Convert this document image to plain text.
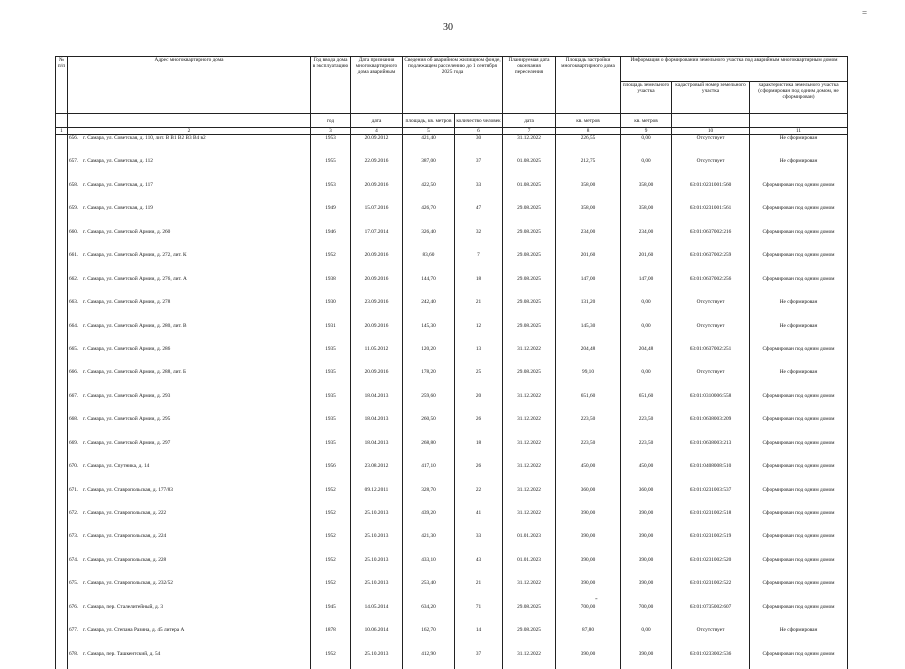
30
=
-
№ п/п	Адрес многоквартирного дома	Год ввода дома в эксплуатацию	Дата признания многоквартирного дома аварийным	Сведения об аварийном жилищном фонде, подлежащем расселению до 1 сентября 2025 года		Планируемая дата окончания переселения	Площадь застройки многоквартирного дома	Информация о формировании земельного участка под аварийным многоквартирным домом		
								площадь земельного участка	кадастровый номер земельного участка	характеристика земельного участка (сформирован под одним домом, не сформирован)
		год	дата	площадь, кв. метров	количество человек	дата	кв. метров	кв. метров		
1	2	3	4	5	6	7	8	9	10	11
	656. г. Самара, ул. Советская, д. 110, лит. В В1 В2 В3 В4 в2	1953	20.09.2012	421,40	30	31.12.2022	226,55	0,00	Отсутствует	Не сформирован
	657. г. Самара, ул. Советская, д. 112	1955	22.09.2016	387,00	37	01.08.2025	212,75	0,00	Отсутствует	Не сформирован
	658. г. Самара, ул. Советская, д. 117	1953	20.09.2016	422,50	33	01.08.2025	358,00	358,00	63:01:0231001:560	Сформирован под одним домом
	659. г. Самара, ул. Советская, д. 119	1949	15.07.2016	426,70	47	29.08.2025	358,00	358,00	63:01:0231001:561	Сформирован под одним домом
	660. г. Самара, ул. Советской Армии, д. 260	1946	17.07.2014	326,40	32	29.08.2025	234,00	234,00	63:01:0637002:216	Сформирован под одним домом
	661. г. Самара, ул. Советской Армии, д. 272, лит. К	1952	20.09.2016	83,60	7	29.08.2025	201,60	201,60	63:01:0637002:259	Сформирован под одним домом
	662. г. Самара, ул. Советской Армии, д. 276, лит. А	1938	20.09.2016	144,70	18	29.08.2025	147,00	147,00	63:01:0637002:256	Сформирован под одним домом
	663. г. Самара, ул. Советской Армии, д. 278	1930	23.09.2016	242,40	21	29.08.2025	131,20	0,00	Отсутствует	Не сформирован
	664. г. Самара, ул. Советской Армии, д. 280, лит. В	1931	20.09.2016	145,30	12	29.08.2025	145,30	0,00	Отсутствует	Не сформирован
	665. г. Самара, ул. Советской Армии, д. 286	1935	11.05.2012	120,20	13	31.12.2022	204,48	204,48	63:01:0637002:251	Сформирован под одним домом
	666. г. Самара, ул. Советской Армии, д. 288, лит. Б	1935	20.09.2016	178,20	25	29.08.2025	99,10	0,00	Отсутствует	Не сформирован
	667. г. Самара, ул. Советской Армии, д. 293	1935	18.04.2013	259,60	20	31.12.2022	651,60	651,60	63:01:0310006:558	Сформирован под одним домом
	668. г. Самара, ул. Советской Армии, д. 295	1935	18.04.2013	260,50	26	31.12.2022	223,50	223,50	63:01:0638003:209	Сформирован под одним домом
	669. г. Самара, ул. Советской Армии, д. 297	1935	18.04.2013	268,80	18	31.12.2022	223,50	223,50	63:01:0638003:213	Сформирован под одним домом
	670. г. Самара, ул. Спутника, д. 14	1956	23.08.2012	417,10	26	31.12.2022	450,00	450,00	63:01:0408008:510	Сформирован под одним домом
	671. г. Самара, ул. Ставропольская, д. 177/83	1952	09.12.2011	328,70	22	31.12.2022	360,00	360,00	63:01:0231003:537	Сформирован под одним домом
	672. г. Самара, ул. Ставропольская, д. 222	1952	25.10.2013	439,20	41	31.12.2022	390,00	390,00	63:01:0231002:518	Сформирован под одним домом
	673. г. Самара, ул. Ставропольская, д. 224	1952	25.10.2013	421,30	33	01.01.2023	390,00	390,00	63:01:0231002:519	Сформирован под одним домом
	674. г. Самара, ул. Ставропольская, д. 228	1952	25.10.2013	433,10	43	01.01.2023	390,00	390,00	63:01:0231002:520	Сформирован под одним домом
	675. г. Самара, ул. Ставропольская, д. 232/52	1952	25.10.2013	253,40	21	31.12.2022	390,00	390,00	63:01:0231002:522	Сформирован под одним домом
	676. г. Самара, пер. Сталелитейный, д. 3	1945	14.05.2014	634,20	71	29.08.2025	700,00	700,00	63:01:0735002:607	Сформирован под одним домом
	677. г. Самара, ул. Степана Разина, д. 45 литера А	1878	10.06.2014	162,70	14	29.08.2025	87,80	0,00	Отсутствует	Не сформирован
	678. г. Самара, пер. Ташкентский, д. 54	1952	25.10.2013	412,90	37	31.12.2022	390,00	390,00	63:01:0233002:536	Сформирован под одним домом
